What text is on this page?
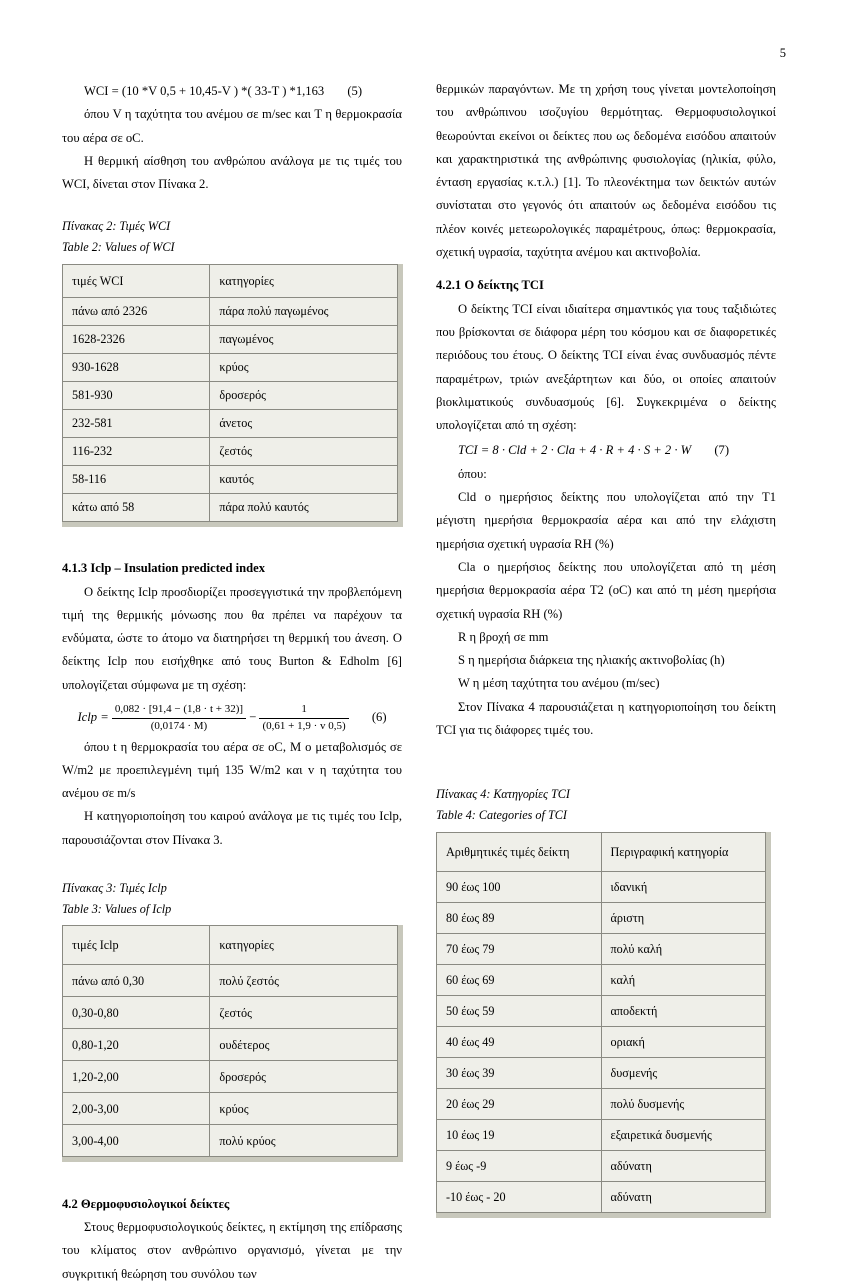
5

WCI = (10 *V 0,5 + 10,45-V ) *( 33-T ) *1,163 (5)

όπου V η ταχύτητα του ανέμου σε m/sec και T η θερμοκρασία του αέρα σε οC.

Η θερμική αίσθηση του ανθρώπου ανάλογα με τις τιμές του WCI, δίνεται στον Πίνακα 2.

Πίνακας 2: Τιμές WCI

Table 2: Values of WCI

τιμές WCI	κατηγορίες
πάνω από 2326	πάρα πολύ παγωμένος
1628-2326	παγωμένος
930-1628	κρύος
581-930	δροσερός
232-581	άνετος
116-232	ζεστός
58-116	καυτός
κάτω από 58	πάρα πολύ καυτός

4.1.3 Iclp – Insulation predicted index

Ο δείκτης Iclp προσδιορίζει προσεγγιστικά την προβλεπόμενη τιμή της θερμικής μόνωσης που θα πρέπει να παρέχουν τα ενδύματα, ώστε το άτομο να διατηρήσει τη θερμική του άνεση. Ο δείκτης Iclp που εισήχθηκε από τους Burton & Edholm [6] υπολογίζεται σύμφωνα με τη σχέση:

Iclp = $\frac{0,082 \cdot [91,4 - (1,8 \cdot t + 32)]}{(0,0174 \cdot M)} - \frac{1}{(0,61 + 1,9 \cdot v 0,5)} (6)$

όπου t η θερμοκρασία του αέρα σε οC, M ο μεταβολισμός σε W/m2 με προεπιλεγμένη τιμή 135 W/m2 και v η ταχύτητα του ανέμου σε m/s

Η κατηγοριοποίηση του καιρού ανάλογα με τις τιμές του Iclp, παρουσιάζονται στον Πίνακα 3.

Πίνακας 3: Τιμές Iclp

Table 3: Values of Iclp

τιμές Iclp	κατηγορίες
πάνω από 0,30	πολύ ζεστός
0,30-0,80	ζεστός
0,80-1,20	ουδέτερος
1,20-2,00	δροσερός
2,00-3,00	κρύος
3,00-4,00	πολύ κρύος

4.2 Θερμοφυσιολογικοί δείκτες

Στους θερμοφυσιολογικούς δείκτες, η εκτίμηση της επίδρασης του κλίματος στον ανθρώπινο οργανισμό, γίνεται με την συγκριτική θεώρηση του συνόλου των

θερμικών παραγόντων. Με τη χρήση τους γίνεται μοντελοποίηση του ανθρώπινου ισοζυγίου θερμότητας. Θερμοφυσιολογικοί θεωρούνται εκείνοι οι δείκτες που ως δεδομένα εισόδου απαιτούν και χαρακτηριστικά της ανθρώπινης φυσιολογίας (ηλικία, φύλο, ένταση εργασίας κ.τ.λ.) [1]. Το πλεονέκτημα των δεικτών αυτών συνίσταται στο γεγονός ότι απαιτούν ως δεδομένα εισόδου τις πλέον κοινές μετεωρολογικές παραμέτρους, όπως: θερμοκρασία, σχετική υγρασία, ταχύτητα ανέμου και ακτινοβολία.

4.2.1 Ο δείκτης TCI

Ο δείκτης TCI είναι ιδιαίτερα σημαντικός για τους ταξιδιώτες που βρίσκονται σε διάφορα μέρη του κόσμου και σε διαφορετικές περιόδους του έτους. Ο δείκτης TCI είναι ένας συνδυασμός πέντε παραμέτρων, τριών ανεξάρτητων και δύο, οι οποίες απαιτούν βιοκλιματικούς συνδυασμούς [6]. Συγκεκριμένα ο δείκτης υπολογίζεται από τη σχέση:

TCI = 8 · Cld + 2 · Cla + 4 · R + 4 · S + 2 · W (7)

όπου:

Cld ο ημερήσιος δείκτης που υπολογίζεται από την T1 μέγιστη ημερήσια θερμοκρασία αέρα και από την ελάχιστη ημερήσια σχετική υγρασία RH (%)

Cla ο ημερήσιος δείκτης που υπολογίζεται από τη μέση ημερήσια θερμοκρασία αέρα T2 (οC) και από τη μέση ημερήσια σχετική υγρασία RH (%)

R η βροχή σε mm

S η ημερήσια διάρκεια της ηλιακής ακτινοβολίας (h)

W η μέση ταχύτητα του ανέμου (m/sec)

Στον Πίνακα 4 παρουσιάζεται η κατηγοριοποίηση του δείκτη TCI για τις διάφορες τιμές του.

Πίνακας 4: Κατηγορίες TCI

Table 4: Categories of TCI

Αριθμητικές τιμές δείκτη	Περιγραφική κατηγορία
90 έως 100	ιδανική
80 έως 89	άριστη
70 έως 79	πολύ καλή
60 έως 69	καλή
50 έως 59	αποδεκτή
40 έως 49	οριακή
30 έως 39	δυσμενής
20 έως 29	πολύ δυσμενής
10 έως 19	εξαιρετικά δυσμενής
9 έως -9	αδύνατη
-10 έως - 20	αδύνατη
